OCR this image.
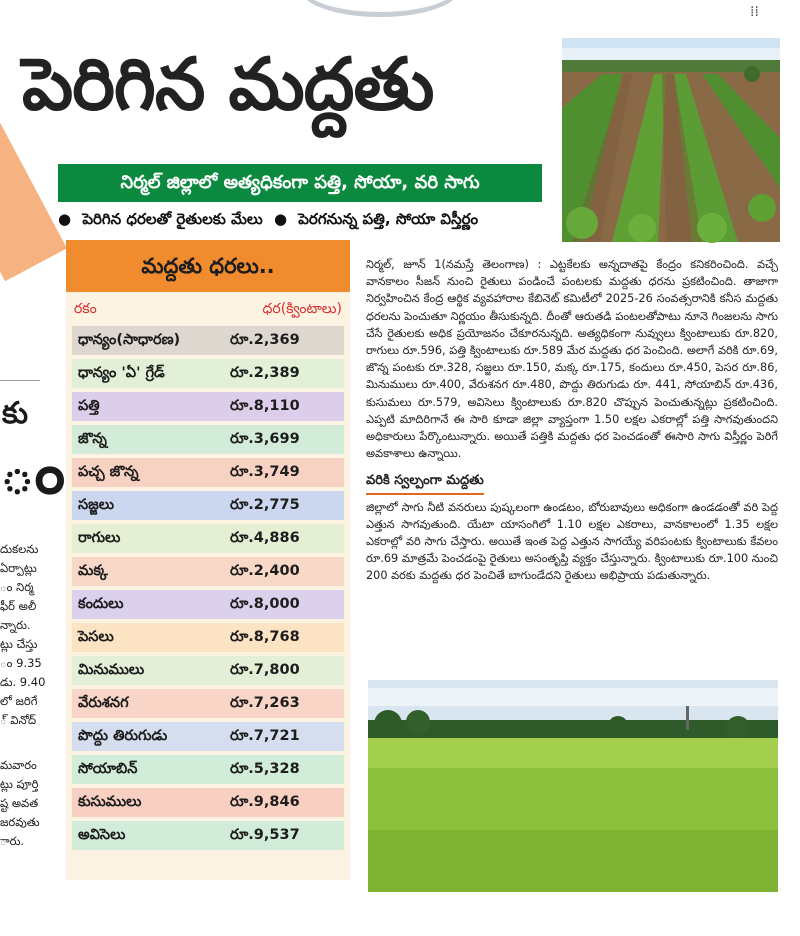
⁞⁞
కు
ం
దుకలను
ఏర్పాట్లు
ం నిర్మ
ఫీర్ అలీ
న్నారు.
ట్లు చేస్తు
ం 9.35
డు. 9.40
లో జరిగే
్ వినోద్
మవారం
ట్లు పూర్తి
ష్ట అవత
జరవుతు
ారు.
పెరిగిన మద్దతు
నిర్మల్ జిల్లాలో అత్యధికంగా పత్తి, సోయా, వరి సాగు
● పెరిగిన ధరలతో రైతులకు మేలు ● పెరగనున్న పత్తి, సోయా విస్తీర్ణం
మద్దతు ధరలు..
రకం	ధర(క్వింటాలు)
ధాన్యం(సాధారణ)	రూ.2,369
ధాన్యం 'ఏ' గ్రేడ్	రూ.2,389
పత్తి	రూ.8,110
జొన్న	రూ.3,699
పచ్చ జొన్న	రూ.3,749
సజ్జలు	రూ.2,775
రాగులు	రూ.4,886
మక్క	రూ.2,400
కందులు	రూ.8,000
పెసలు	రూ.8,768
మినుములు	రూ.7,800
వేరుశనగ	రూ.7,263
పొద్దు తిరుగుడు	రూ.7,721
సోయాబిన్	రూ.5,328
కుసుములు	రూ.9,846
అవిసెలు	రూ.9,537

నిర్మల్, జూన్ 1(నమస్తే తెలంగాణ) : ఎట్టకేలకు అన్నదాతపై కేంద్రం కనికరించింది. వచ్చే వానకాలం సీజన్ నుంచి రైతులు పండించే పంటలకు మద్దతు ధరను ప్రకటించింది. తాజాగా నిర్వహించిన కేంద్ర ఆర్థిక వ్యవహారాల కేబినెట్ కమిటీలో 2025-26 సంవత్సరానికి కనీస మద్దతు ధరలను పెంచుతూ నిర్ణయం తీసుకున్నది. దీంతో ఆరుతడి పంటలతోపాటు నూనె గింజలను సాగు చేసే రైతులకు అధిక ప్రయోజనం చేకూరనున్నది. అత్యధికంగా నువ్వులు క్వింటాలుకు రూ.820, రాగులు రూ.596, పత్తి క్వింటాలుకు రూ.589 మేర మద్దతు ధర పెంచింది. అలాగే వరికి రూ.69, జొన్న పంటకు రూ.328, సజ్జలు రూ.150, మక్క రూ.175, కందులు రూ.450, పెసర రూ.86, మినుములు రూ.400, వేరుశనగ రూ.480, పొద్దు తిరుగుడు రూ. 441, సోయాబిన్ రూ.436, కుసుమలు రూ.579, అవిసెలు క్వింటాలుకు రూ.820 చొప్పున పెంచుతున్నట్లు ప్రకటించింది. ఎప్పటి మాదిరిగానే ఈ సారి కూడా జిల్లా వ్యాప్తంగా 1.50 లక్షల ఎకరాల్లో పత్తి సాగవుతుందని అధికారులు పేర్కొంటున్నారు. అయితే పత్తికి మద్దతు ధర పెంచడంతో ఈసారి సాగు విస్తీర్ణం పెరిగే అవకాశాలు ఉన్నాయి.

వరికి స్వల్పంగా మద్దతు

జిల్లాలో సాగు నీటి వనరులు పుష్కలంగా ఉండటం, బోరుబావులు అధికంగా ఉండడంతో వరి పెద్ద ఎత్తున సాగవుతుంది. యేటా యాసంగిలో 1.10 లక్షల ఎకరాలు, వానకాలంలో 1.35 లక్షల ఎకరాల్లో వరి సాగు చేస్తారు. అయితే ఇంత పెద్ద ఎత్తున సాగయ్యే వరిపంటకు క్వింటాలుకు కేవలం రూ.69 మాత్రమే పెంచడంపై రైతులు అసంతృప్తి వ్యక్తం చేస్తున్నారు. క్వింటాలుకు రూ.100 నుంచి 200 వరకు మద్దతు ధర పెంచితే బాగుండేదని రైతులు అభిప్రాయ పడుతున్నారు.
